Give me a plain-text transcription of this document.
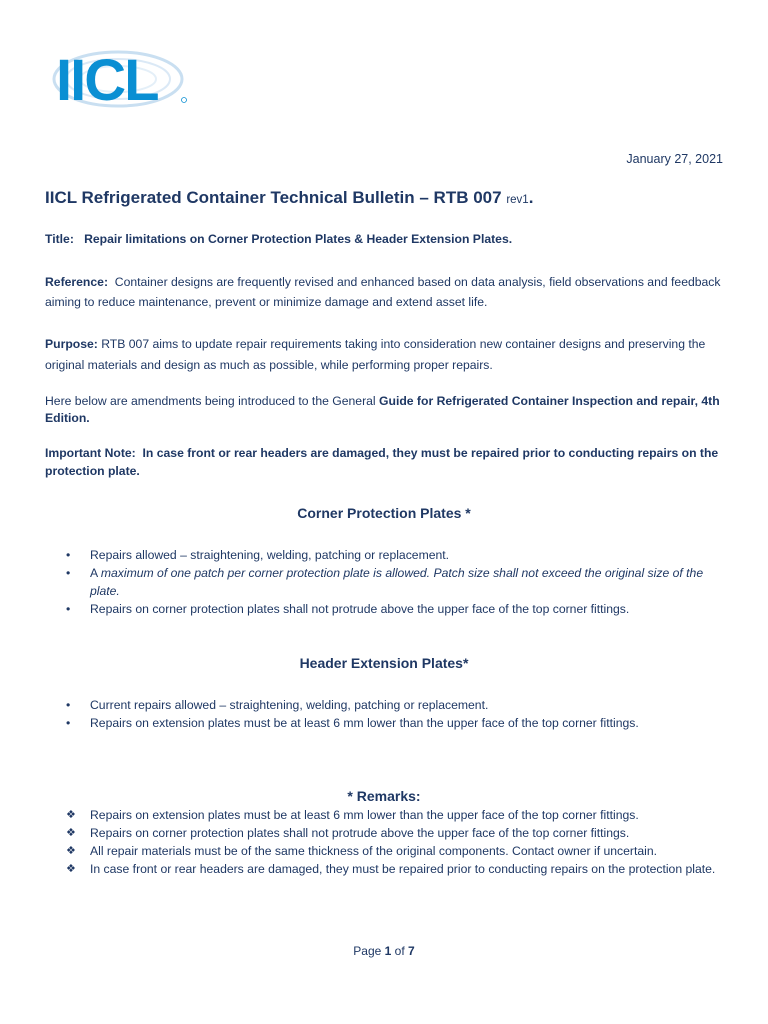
IICL
January 27, 2021
IICL Refrigerated Container Technical Bulletin – RTB 007 rev1.
Title: Repair limitations on Corner Protection Plates & Header Extension Plates.
Reference: Container designs are frequently revised and enhanced based on data analysis, field observations and feedback aiming to reduce maintenance, prevent or minimize damage and extend asset life.
Purpose: RTB 007 aims to update repair requirements taking into consideration new container designs and preserving the original materials and design as much as possible, while performing proper repairs.
Here below are amendments being introduced to the General Guide for Refrigerated Container Inspection and repair, 4th Edition.
Important Note: In case front or rear headers are damaged, they must be repaired prior to conducting repairs on the protection plate.
Corner Protection Plates *
• Repairs allowed – straightening, welding, patching or replacement.
• A maximum of one patch per corner protection plate is allowed. Patch size shall not exceed the original size of the plate.
• Repairs on corner protection plates shall not protrude above the upper face of the top corner fittings.
Header Extension Plates*
• Current repairs allowed – straightening, welding, patching or replacement.
• Repairs on extension plates must be at least 6 mm lower than the upper face of the top corner fittings.
* Remarks:
❖ Repairs on extension plates must be at least 6 mm lower than the upper face of the top corner fittings.
❖ Repairs on corner protection plates shall not protrude above the upper face of the top corner fittings.
❖ All repair materials must be of the same thickness of the original components. Contact owner if uncertain.
❖ In case front or rear headers are damaged, they must be repaired prior to conducting repairs on the protection plate.
Page 1 of 7
